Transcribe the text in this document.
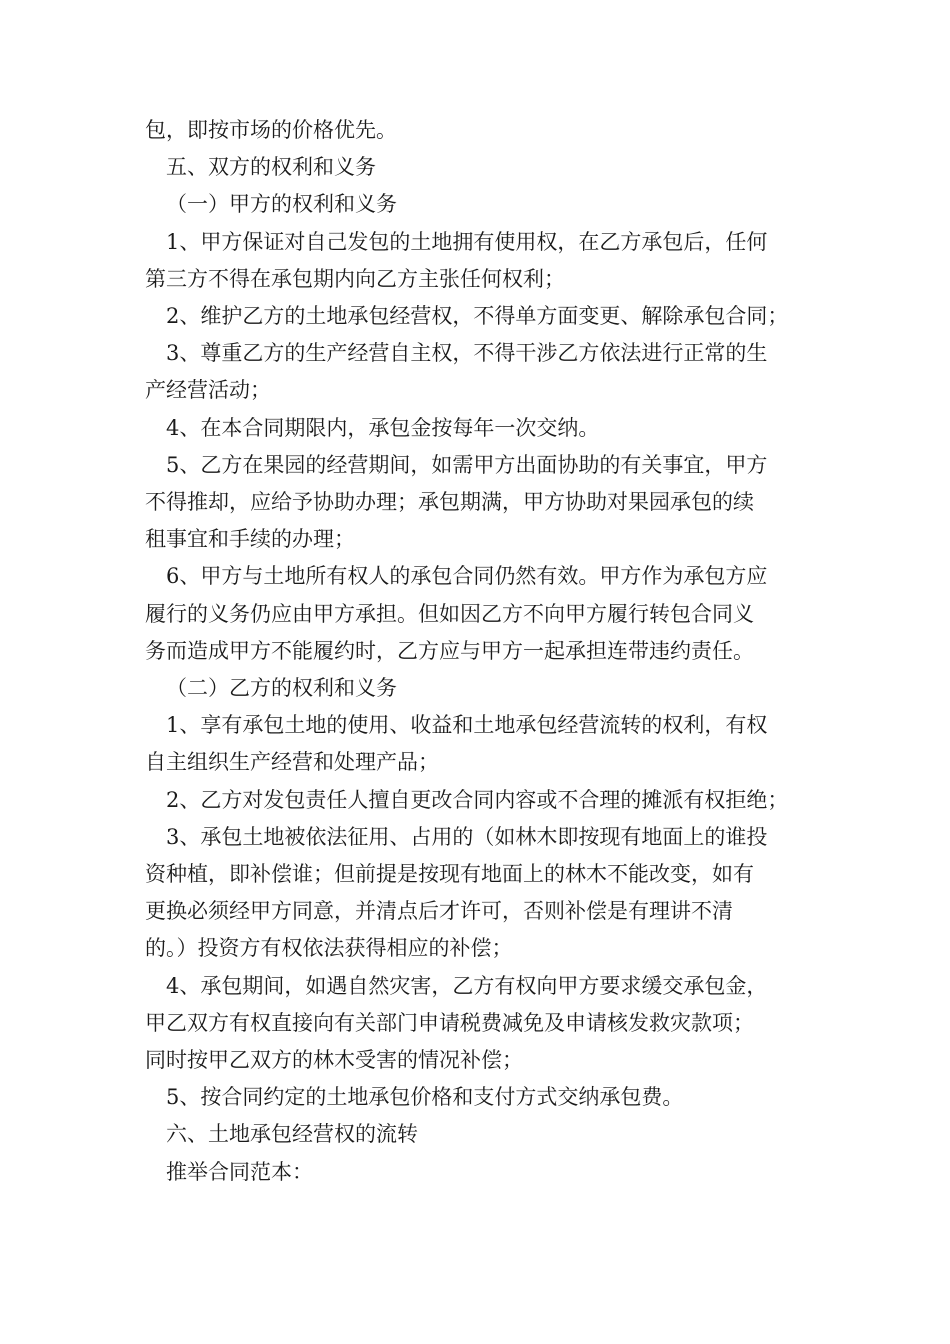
包，即按市场的价格优先。

五、双方的权利和义务

（一）甲方的权利和义务

1、甲方保证对自己发包的土地拥有使用权，在乙方承包后，任何

第三方不得在承包期内向乙方主张任何权利；

2、维护乙方的土地承包经营权，不得单方面变更、解除承包合同；

3、尊重乙方的生产经营自主权，不得干涉乙方依法进行正常的生

产经营活动；

4、在本合同期限内，承包金按每年一次交纳。

5、乙方在果园的经营期间，如需甲方出面协助的有关事宜，甲方

不得推却，应给予协助办理；承包期满，甲方协助对果园承包的续

租事宜和手续的办理；

6、甲方与土地所有权人的承包合同仍然有效。甲方作为承包方应

履行的义务仍应由甲方承担。但如因乙方不向甲方履行转包合同义

务而造成甲方不能履约时，乙方应与甲方一起承担连带违约责任。

（二）乙方的权利和义务

1、享有承包土地的使用、收益和土地承包经营流转的权利，有权

自主组织生产经营和处理产品；

2、乙方对发包责任人擅自更改合同内容或不合理的摊派有权拒绝；

3、承包土地被依法征用、占用的（如林木即按现有地面上的谁投

资种植，即补偿谁；但前提是按现有地面上的林木不能改变，如有

更换必须经甲方同意，并清点后才许可，否则补偿是有理讲不清

的。）投资方有权依法获得相应的补偿；

4、承包期间，如遇自然灾害，乙方有权向甲方要求缓交承包金，

甲乙双方有权直接向有关部门申请税费减免及申请核发救灾款项；

同时按甲乙双方的林木受害的情况补偿；

5、按合同约定的土地承包价格和支付方式交纳承包费。

六、土地承包经营权的流转

推举合同范本：
